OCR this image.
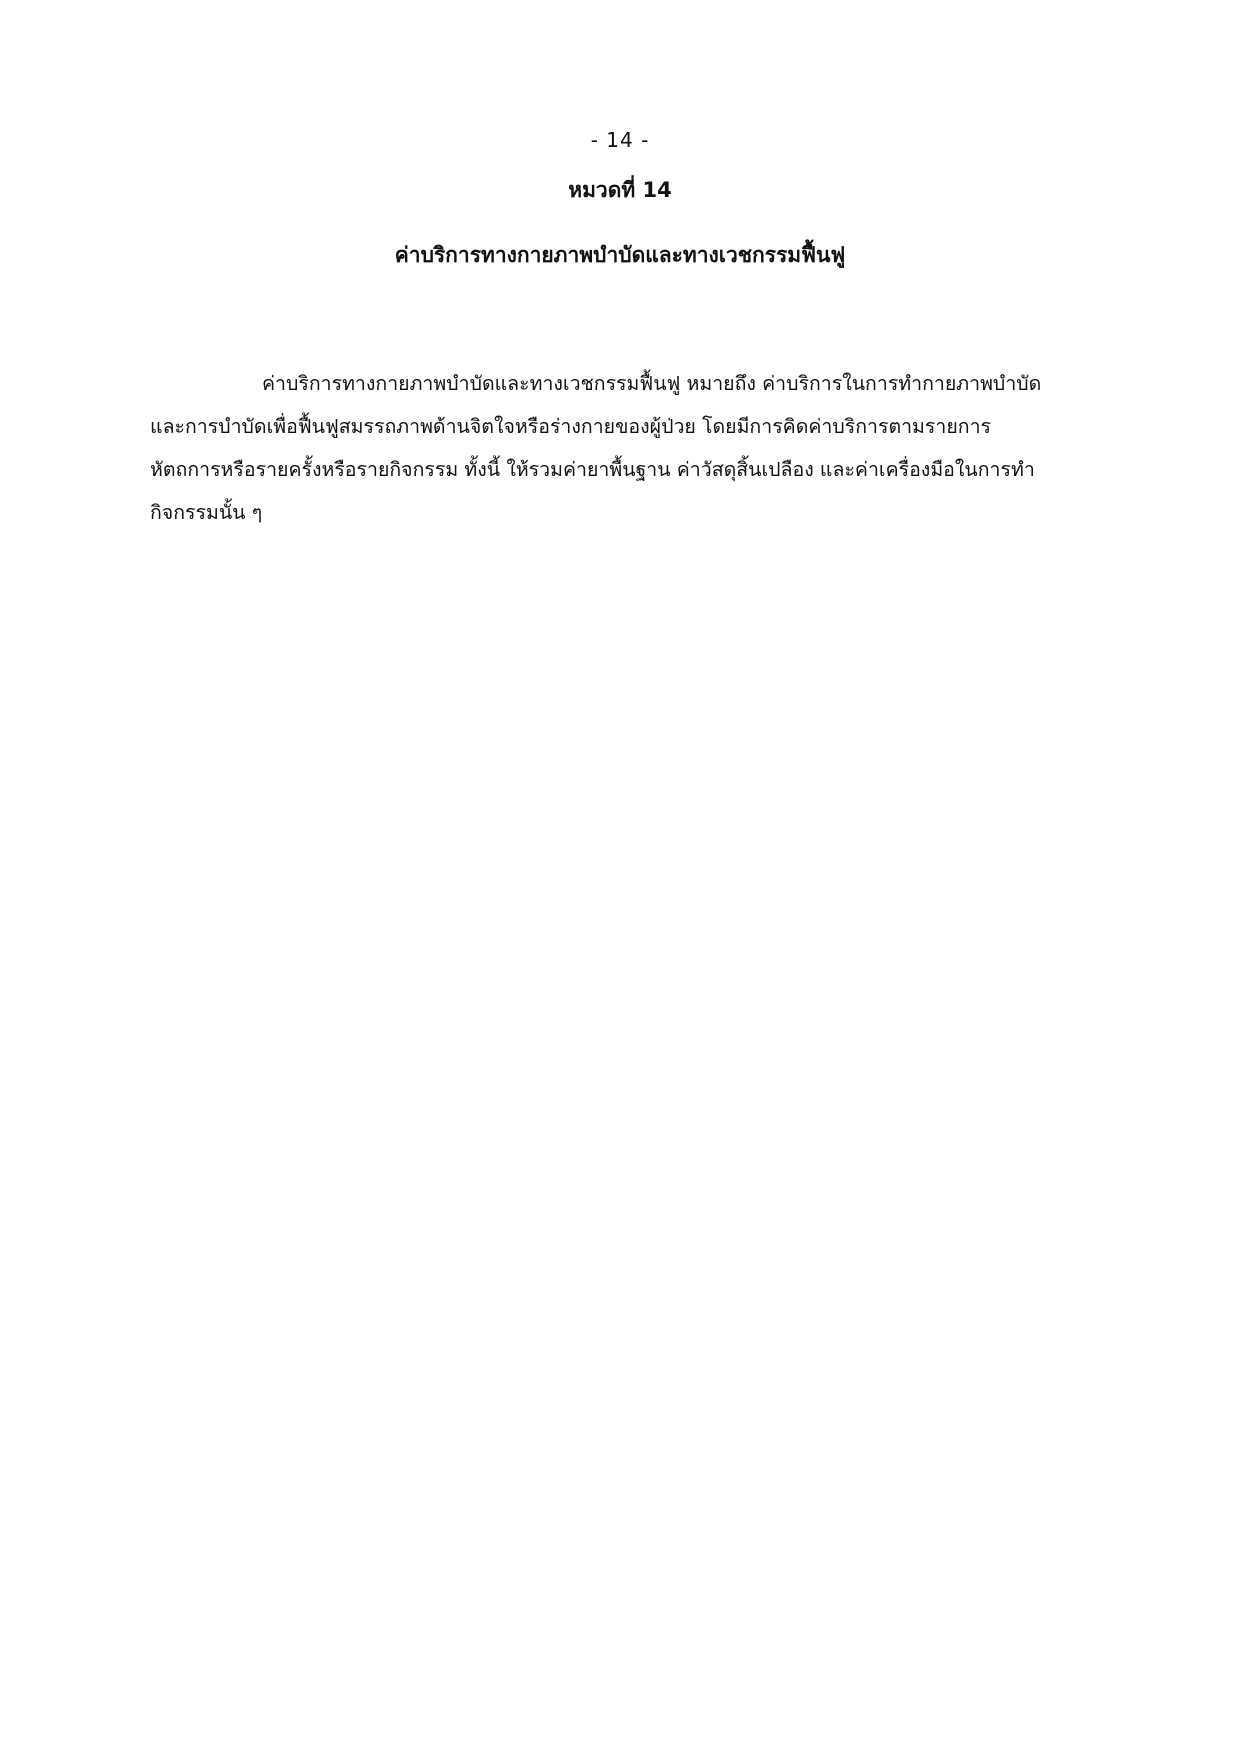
- 14 -
หมวดที่ 14
ค่าบริการทางกายภาพบำบัดและทางเวชกรรมฟื้นฟู
ค่าบริการทางกายภาพบำบัดและทางเวชกรรมฟื้นฟู หมายถึง ค่าบริการในการทำกายภาพบำบัด
และการบำบัดเพื่อฟื้นฟูสมรรถภาพด้านจิตใจหรือร่างกายของผู้ป่วย โดยมีการคิดค่าบริการตามรายการ
หัตถการหรือรายครั้งหรือรายกิจกรรม ทั้งนี้ ให้รวมค่ายาพื้นฐาน ค่าวัสดุสิ้นเปลือง และค่าเครื่องมือในการทำ
กิจกรรมนั้น ๆ
